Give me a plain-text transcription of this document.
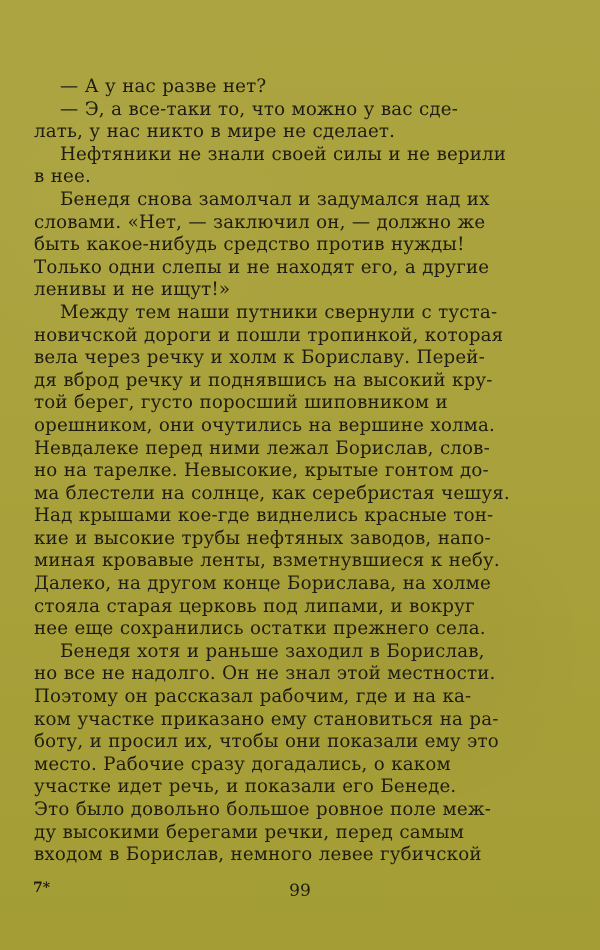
— А у нас разве нет?
— Э, а все-таки то, что можно у вас сде-
лать, у нас никто в мире не сделает.
Нефтяники не знали своей силы и не верили
в нее.
Бенедя снова замолчал и задумался над их
словами. «Нет, — заключил он, — должно же
быть какое-нибудь средство против нужды!
Только одни слепы и не находят его, а другие
ленивы и не ищут!»
Между тем наши путники свернули с туста-
новичской дороги и пошли тропинкой, которая
вела через речку и холм к Бориславу. Перей-
дя вброд речку и поднявшись на высокий кру-
той берег, густо поросший шиповником и
орешником, они очутились на вершине холма.
Невдалеке перед ними лежал Борислав, слов-
но на тарелке. Невысокие, крытые гонтом до-
ма блестели на солнце, как серебристая чешуя.
Над крышами кое-где виднелись красные тон-
кие и высокие трубы нефтяных заводов, напо-
миная кровавые ленты, взметнувшиеся к небу.
Далеко, на другом конце Борислава, на холме
стояла старая церковь под липами, и вокруг
нее еще сохранились остатки прежнего села.
Бенедя хотя и раньше заходил в Борислав,
но все не надолго. Он не знал этой местности.
Поэтому он рассказал рабочим, где и на ка-
ком участке приказано ему становиться на ра-
боту, и просил их, чтобы они показали ему это
место. Рабочие сразу догадались, о каком
участке идет речь, и показали его Бенеде.
Это было довольно большое ровное поле меж-
ду высокими берегами речки, перед самым
входом в Борислав, немного левее губичской
7*	99
